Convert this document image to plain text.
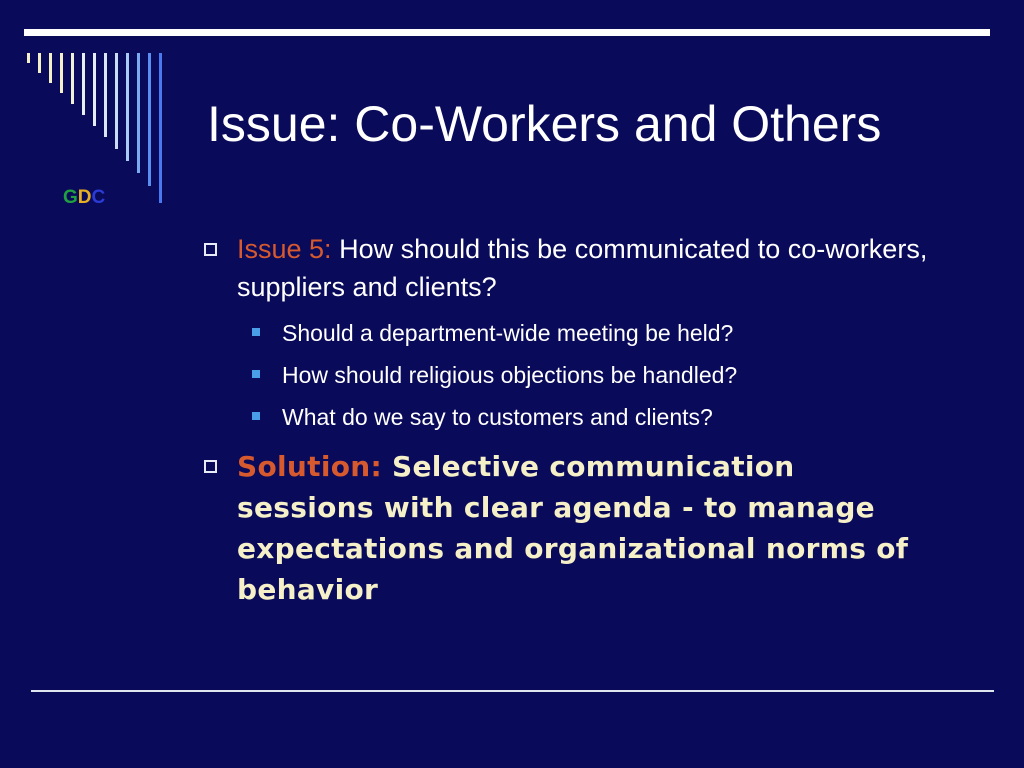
GDC
Issue: Co-Workers and Others
Issue 5: How should this be communicated to co-workers, suppliers and clients?
Should a department-wide meeting be held?
How should religious objections be handled?
What do we say to customers and clients?
Solution: Selective communication sessions with clear agenda - to manage expectations and organizational norms of behavior
